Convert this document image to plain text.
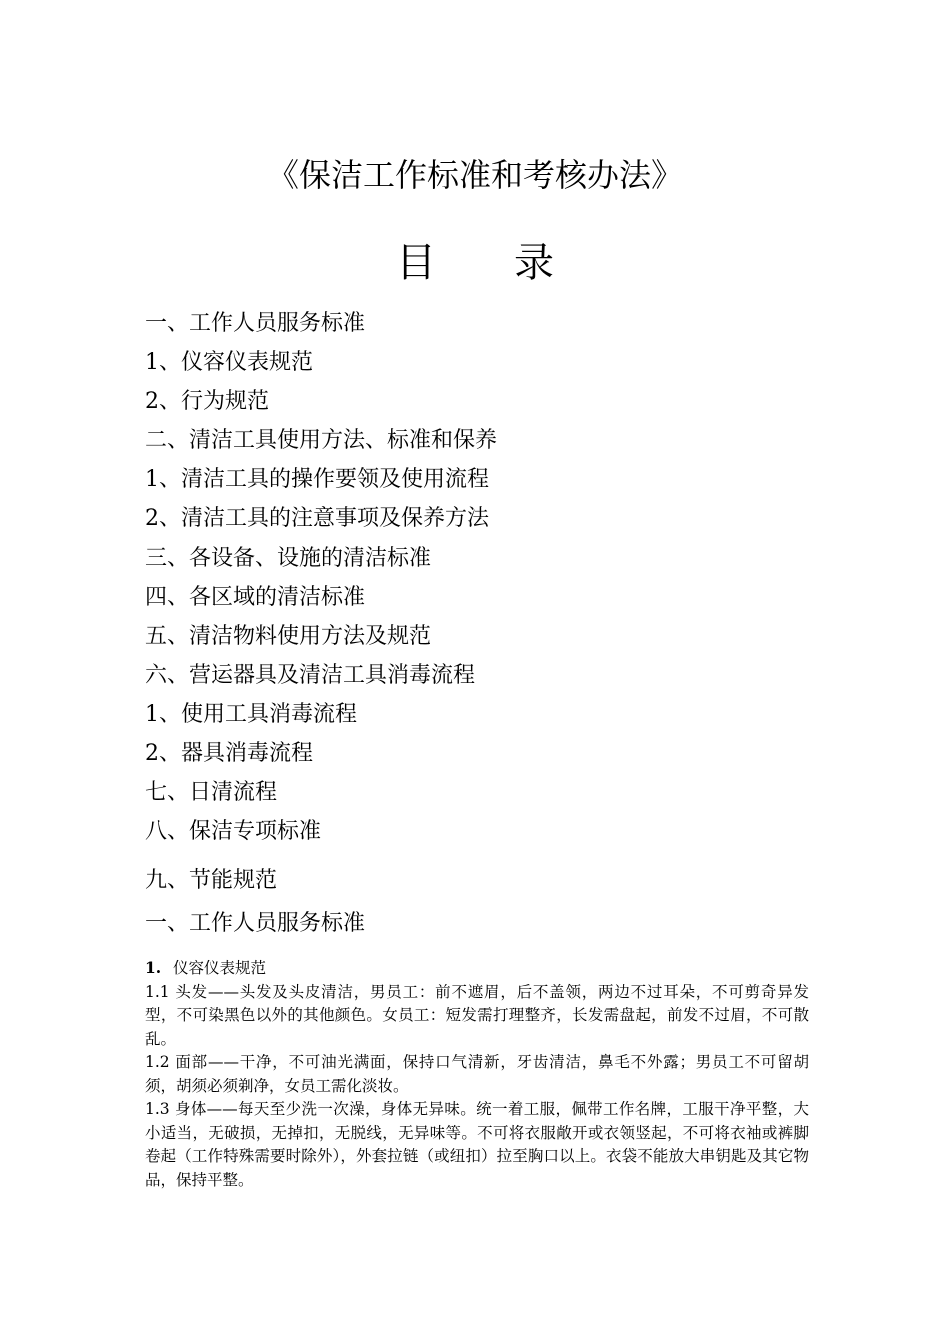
《保洁工作标准和考核办法》
目 录
一、工作人员服务标准
1、仪容仪表规范
2、行为规范
二、清洁工具使用方法、标准和保养
1、清洁工具的操作要领及使用流程
2、清洁工具的注意事项及保养方法
三、各设备、设施的清洁标准
四、各区域的清洁标准
五、清洁物料使用方法及规范
六、营运器具及清洁工具消毒流程
1、使用工具消毒流程
2、器具消毒流程
七、日清流程
八、保洁专项标准
九、节能规范
一、工作人员服务标准
1. 仪容仪表规范

1.1 头发——头发及头皮清洁，男员工：前不遮眉，后不盖领，两边不过耳朵，不可剪奇异发型，不可染黑色以外的其他颜色。女员工：短发需打理整齐，长发需盘起，前发不过眉，不可散乱。

1.2 面部——干净，不可油光满面，保持口气清新，牙齿清洁，鼻毛不外露；男员工不可留胡须，胡须必须剃净，女员工需化淡妆。

1.3 身体——每天至少洗一次澡，身体无异味。统一着工服，佩带工作名牌，工服干净平整，大小适当，无破损，无掉扣，无脱线，无异味等。不可将衣服敞开或衣领竖起，不可将衣袖或裤脚卷起（工作特殊需要时除外），外套拉链（或纽扣）拉至胸口以上。衣袋不能放大串钥匙及其它物品，保持平整。
